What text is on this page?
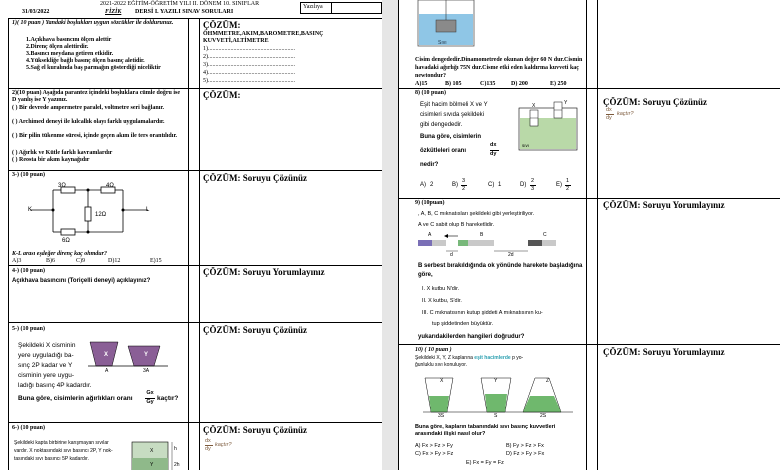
2021-2022 EĞİTİM-ÖĞRETİM YILI II. DÖNEM 10. SINIFLAR
FİZİK DERSİ I. YAZILI SINAV SORULARI
31/03/2022
Yazılıya
1)( 10 puan ) Yandaki boşlukları uygun sözcükler ile doldurunuz.
1.Açıkhava basıncını ölçen alettir
2.Direnç ölçen alettirdir.
3.Basıncı meydana getiren etkidir.
4.Yüksekliğe bağlı basınç ölçen basınç aletidir.
5.Sağ el kuralında baş parmağın gösterdiği niceliktir
ÇÖZÜM:
ÖHMMETRE,AKIM,BAROMETRE,BASINÇ KUVVETİ,ALTİMETRE
1)..........................................................
2)..........................................................
3)..........................................................
4)..........................................................
5)..........................................................
2)(10 puan) Aşağıda parantez içindeki boşluklara cümle doğru ise D yanlış ise Y yazınız.
( ) Bir devrede ampermetre paralel, voltmetre seri bağlanır.
( ) Archimed deneyi ile kılcallık olayı farklı uygulamalardır.
( ) Bir pilin tükenme süresi, içinde geçen akım ile ters orantılıdır.
( ) Ağırlık ve Kütle farklı kavramlardır
( ) Reosta bir akım kaynağıdır
ÇÖZÜM:
3-) (10 puan)
3Ω	4Ω
12Ω
6Ω
K	L
K-L arası eşdeğer direnç kaç ohmdur?
A)3	B)6	C)9	D)12	E)15
ÇÖZÜM: Soruyu Çözünüz
4-) (10 puan)
Açıkhava basıncını (Toriçelli deneyi) açıklayınız?
ÇÖZÜM: Soruyu Yorumlayınız
5-) (10 puan)
Şekildeki X cisminin
yere uyguladığı ba-
sınç 2P kadar ve Y
cisminin yere uygu-
ladığı basınç 4P kadardır.
X	Y
A	3A
Buna göre, cisimlerin ağırlıkları oranı
Gx
Gy kaçtır?
ÇÖZÜM: Soruyu Çözünüz
6-) (10 puan)
Şekildeki kapta birbirine karışmayan sıvılar
vardır. X noktasındaki sıvı basıncı 2P, Y nok-
tasındaki sıvı basıncı 5P kadardır.
X
Y
h
2h
ÇÖZÜM: Soruyu Çözünüz
dx
dy
kaçtır?
Sıvı
Cisim dengededir.Dinamometrede okunan değer 60 N dur.Cismin havadaki ağırlığı 75N dur.Cisme etki eden kaldırma kuvveti kaç newtondur?
A)15	B) 105	C)135	D) 200	E) 250
8) (10 puan)
Eşit hacim bölmeli X ve Y
cisimleri sıvıda şekildeki
gibi dengededir.
Buna göre, cisimlerin
özkütleleri oranı
dx
dy
nedir?
X	Y
sıvı
A) 2	B)
3
2
C) 1	D)
2
3
E)
1
2
ÇÖZÜM: Soruyu Çözünüz
dx
dy
kaçtır?
9) (10puan)
, A, B, C mıknatısları şekildeki gibi yerleştiriliyor.
A ve C sabit olup B hareketlidir.
A	B	C
d	2d
B serbest bırakıldığında ok yönünde harekete başladığına göre,
I. X kutbu N'dir.
II. X kutbu, S'dir.
III. C mıknatısının kutup şiddeti A mıknatısının ku-
tup şiddetinden büyüktür.
yukarıdakilerden hangileri doğrudur?
ÇÖZÜM: Soruyu Yorumlayınız
10) ( 10 puan )
Şekildeki X, Y, Z kaplarına eşit hacimlerde p yo-
ğunluklu sıvı konuluyor.
X	Y	Z
3S	S	2S
Buna göre, kapların tabanındaki sıvı basınç kuvvetleri arasındaki ilişki nasıl olur?
A) Fx > Fz > Fy	B) Fy > Fz > Fx
C) Fx > Fy > Fz	D) Fz > Fy > Fx
E) Fx = Fy = Fz
ÇÖZÜM: Soruyu Yorumlayınız
